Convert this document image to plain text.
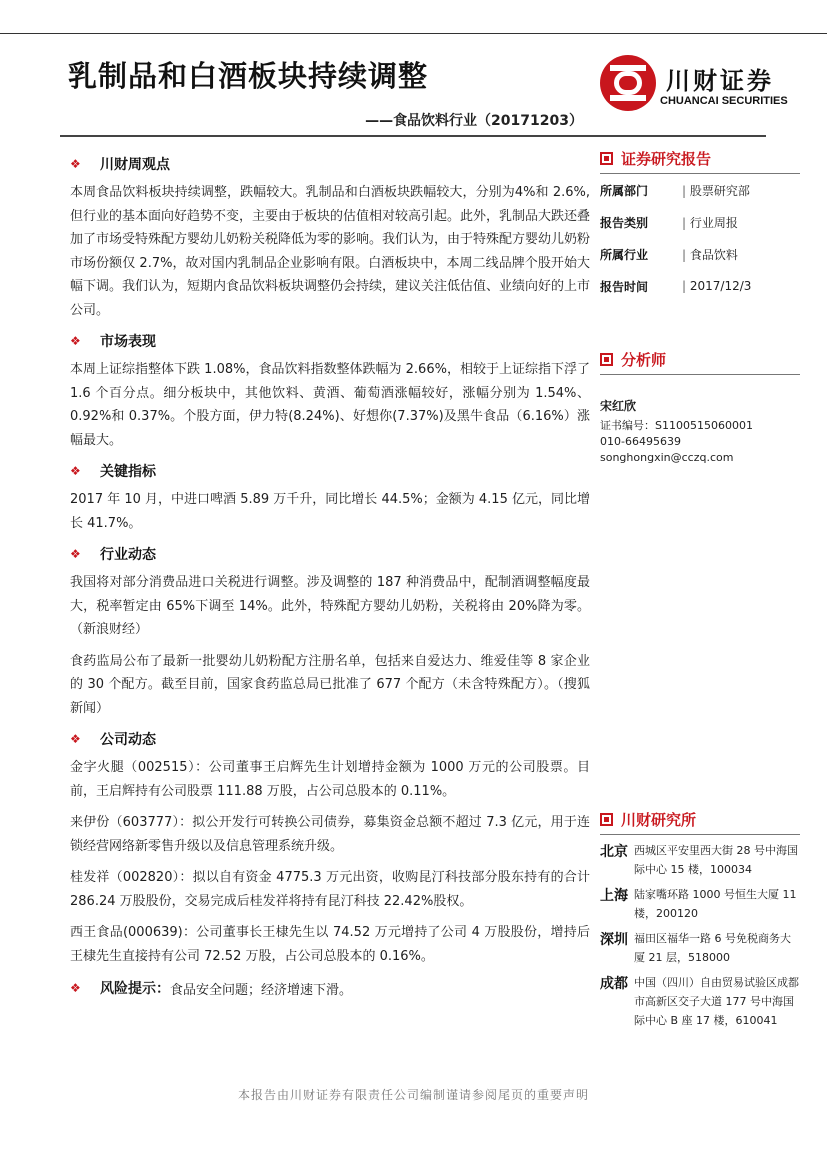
乳制品和白酒板块持续调整
——食品饮料行业（20171203）
川财证券
CHUANCAI SECURITIES
❖	川财周观点

本周食品饮料板块持续调整，跌幅较大。乳制品和白酒板块跌幅较大，分别为4%和 2.6%,但行业的基本面向好趋势不变，主要由于板块的估值相对较高引起。此外，乳制品大跌还叠加了市场受特殊配方婴幼儿奶粉关税降低为零的影响。我们认为，由于特殊配方婴幼儿奶粉市场份额仅 2.7%，故对国内乳制品企业影响有限。白酒板块中，本周二线品牌个股开始大幅下调。我们认为，短期内食品饮料板块调整仍会持续，建议关注低估值、业绩向好的上市公司。

❖	市场表现

本周上证综指整体下跌 1.08%，食品饮料指数整体跌幅为 2.66%，相较于上证综指下浮了 1.6 个百分点。细分板块中，其他饮料、黄酒、葡萄酒涨幅较好，涨幅分别为 1.54%、0.92%和 0.37%。个股方面，伊力特(8.24%)、好想你(7.37%)及黑牛食品（6.16%）涨幅最大。

❖	关键指标

2017 年 10 月，中进口啤酒 5.89 万千升，同比增长 44.5%；金额为 4.15 亿元，同比增长 41.7%。

❖	行业动态

我国将对部分消费品进口关税进行调整。涉及调整的 187 种消费品中，配制酒调整幅度最大，税率暂定由 65%下调至 14%。此外，特殊配方婴幼儿奶粉，关税将由 20%降为零。（新浪财经）

食药监局公布了最新一批婴幼儿奶粉配方注册名单，包括来自爱达力、维爱佳等 8 家企业的 30 个配方。截至目前，国家食药监总局已批准了 677 个配方（未含特殊配方）。（搜狐新闻）

❖	公司动态

金字火腿（002515）：公司董事王启辉先生计划增持金额为 1000 万元的公司股票。目前，王启辉持有公司股票 111.88 万股，占公司总股本的 0.11%。

来伊份（603777）：拟公开发行可转换公司债券，募集资金总额不超过 7.3 亿元，用于连锁经营网络新零售升级以及信息管理系统升级。

桂发祥（002820）：拟以自有资金 4775.3 万元出资，收购昆汀科技部分股东持有的合计 286.24 万股股份，交易完成后桂发祥将持有昆汀科技 22.42%股权。

西王食品(000639)：公司董事长王棣先生以 74.52 万元增持了公司 4 万股股份，增持后王棣先生直接持有公司 72.52 万股，占公司总股本的 0.16%。

❖	风险提示： 食品安全问题；经济增速下滑。
证券研究报告
所属部门	| 股票研究部
报告类别	| 行业周报
所属行业	| 食品饮料
报告时间	| 2017/12/3
分析师
宋红欣
证书编号：S1100515060001
010-66495639
songhongxin@cczq.com
川财研究所
北京 西城区平安里西大街 28 号中海国际中心 15 楼，100034
上海 陆家嘴环路 1000 号恒生大厦 11 楼，200120
深圳 福田区福华一路 6 号免税商务大厦 21 层，518000
成都 中国（四川）自由贸易试验区成都市高新区交子大道 177 号中海国际中心 B 座 17 楼，610041
本报告由川财证券有限责任公司编制谨请参阅尾页的重要声明
